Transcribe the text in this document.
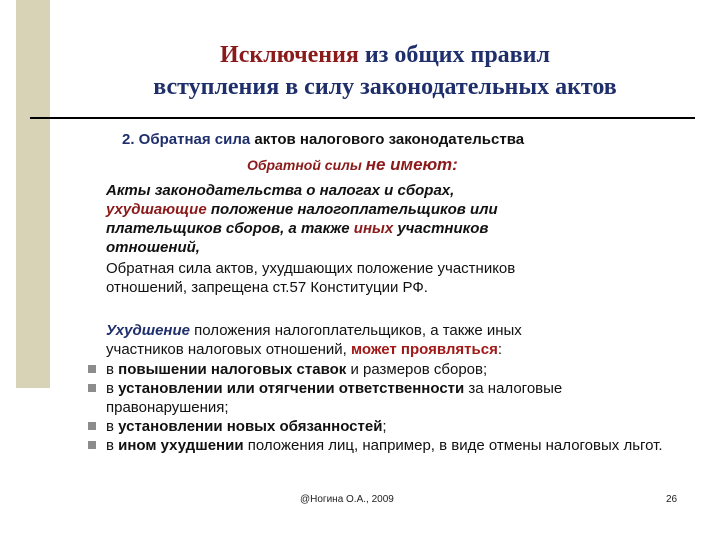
Исключения из общих правил
вступления в силу законодательных актов
2. Обратная сила актов налогового законодательства
Обратной силы не имеют:
Акты законодательства о налогах и сборах,
ухудшающие положение налогоплательщиков или
плательщиков сборов, а также иных участников
отношений,
Обратная сила актов, ухудшающих положение участников
отношений, запрещена ст.57 Конституции РФ.
Ухудшение положения налогоплательщиков, а также иных
участников налоговых отношений, может проявляться:
в повышении налоговых ставок и размеров сборов;
в установлении или отягчении ответственности за налоговые правонарушения;
в установлении новых обязанностей;
в ином ухудшении положения лиц, например, в виде отмены налоговых льгот.
@Ногина О.А., 2009	26
